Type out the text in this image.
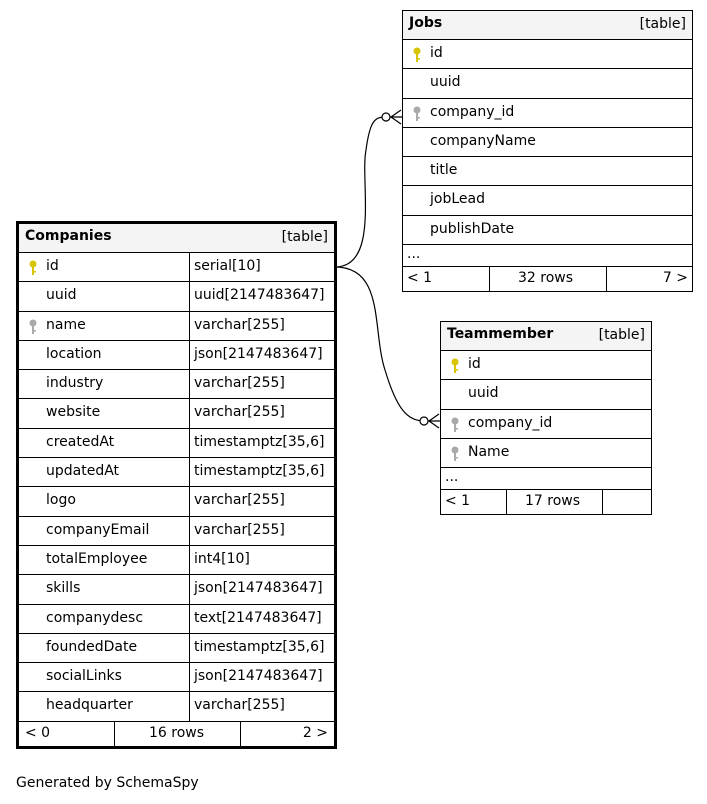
Companies	[table]
id	serial[10]
uuid	uuid[2147483647]
name	varchar[255]
location	json[2147483647]
industry	varchar[255]
website	varchar[255]
createdAt	timestamptz[35,6]
updatedAt	timestamptz[35,6]
logo	varchar[255]
companyEmail	varchar[255]
totalEmployee	int4[10]
skills	json[2147483647]
companydesc	text[2147483647]
foundedDate	timestamptz[35,6]
socialLinks	json[2147483647]
headquarter	varchar[255]
< 0	16 rows	2 >
Jobs	[table]
id
uuid
company_id
companyName
title
jobLead
publishDate
...
< 1	32 rows	7 >
Teammember	[table]
id
uuid
company_id
Name
...
< 1	17 rows
Generated by SchemaSpy
